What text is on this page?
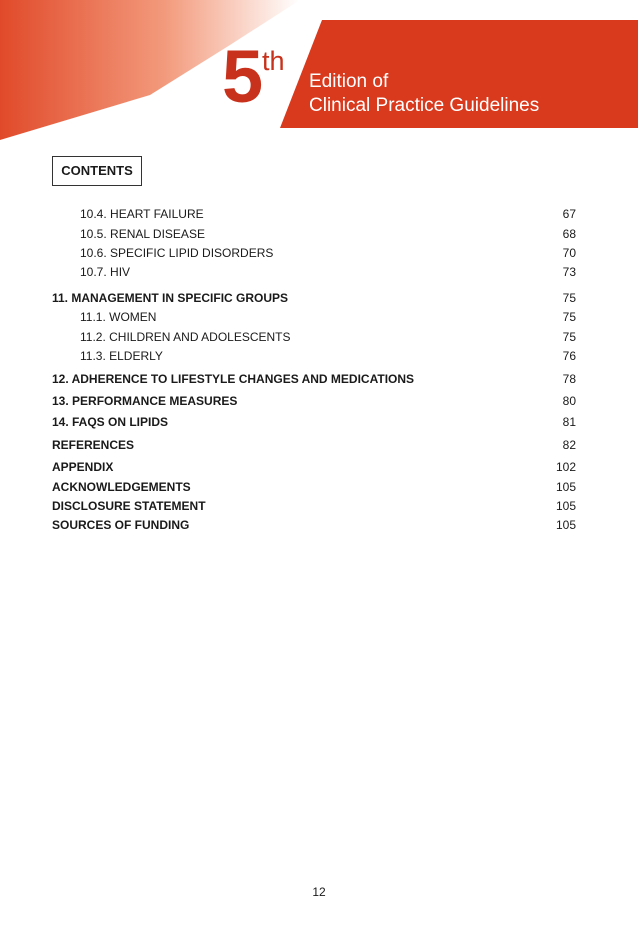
5
th
Edition of
Clinical Practice Guidelines
CONTENTS
10.4. HEART FAILURE	67
10.5. RENAL DISEASE	68
10.6. SPECIFIC LIPID DISORDERS	70
10.7. HIV	73
11. MANAGEMENT IN SPECIFIC GROUPS	75
11.1. WOMEN	75
11.2. CHILDREN AND ADOLESCENTS	75
11.3. ELDERLY	76
12. ADHERENCE TO LIFESTYLE CHANGES AND MEDICATIONS	78
13. PERFORMANCE MEASURES	80
14. FAQS ON LIPIDS	81
REFERENCES	82
APPENDIX	102
ACKNOWLEDGEMENTS	105
DISCLOSURE STATEMENT	105
SOURCES OF FUNDING	105
12
